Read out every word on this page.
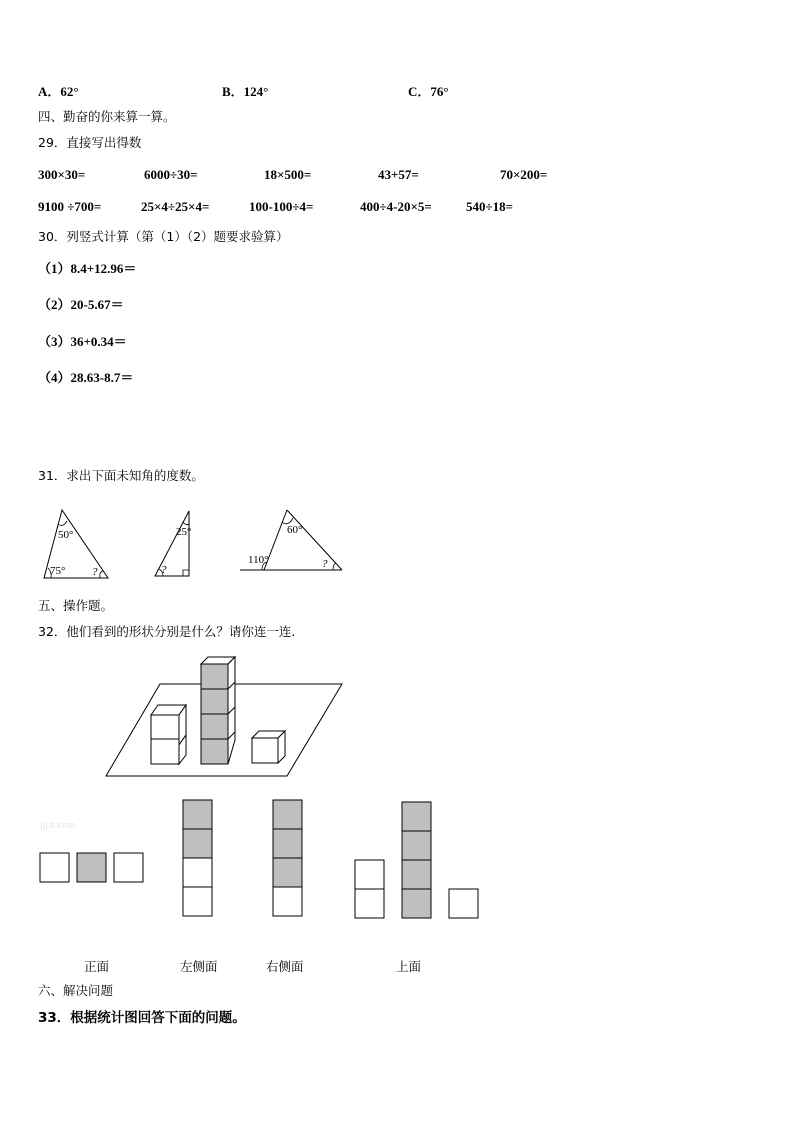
A．62°	B．124°	C．76°
四、勤奋的你来算一算。
29．直接写出得数
300×30=	6000÷30=	18×500=	43+57=	70×200=
9100 ÷700=	25×4÷25×4=	100-100÷4=	400÷4-20×5=	540÷18=
30．列竖式计算（第（1）（2）题要求验算）
（1）8.4+12.96＝
（2）20-5.67＝
（3）36+0.34＝
（4）28.63-8.7＝
31．求出下面未知角的度数。
50°
75° ?
25°
?
60°
110°	?
五、操作题。
32．他们看到的形状分别是什么？请你连一连.
jg.n.com
正面	左侧面	右侧面	上面
六、解决问题
33．根据统计图回答下面的问题。
